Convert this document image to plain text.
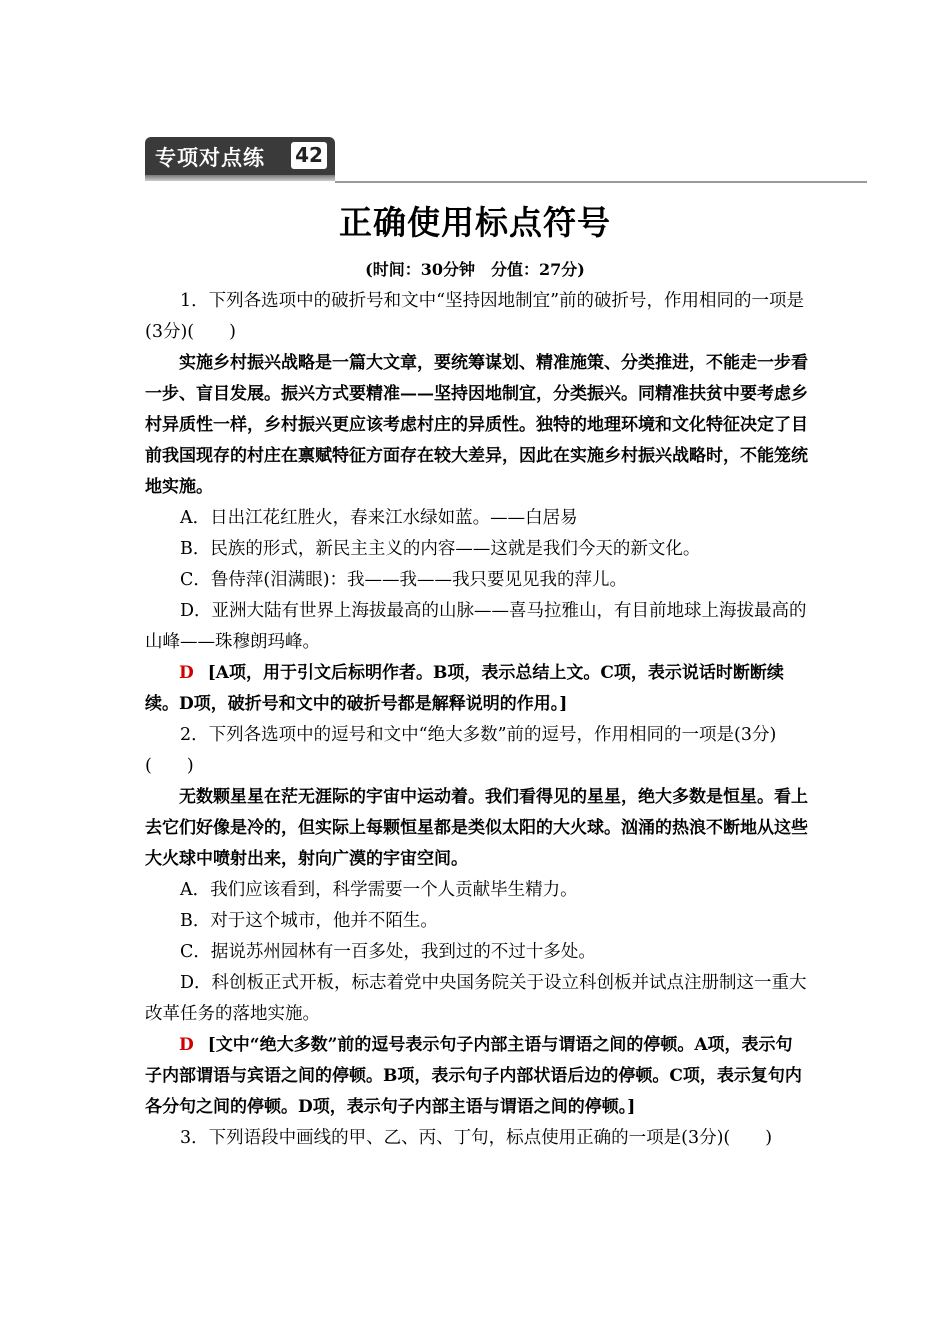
专项对点练 42
正确使用标点符号
(时间：30分钟　分值：27分)

1．下列各选项中的破折号和文中“坚持因地制宜”前的破折号，作用相同的一项是(3分)(　　)

实施乡村振兴战略是一篇大文章，要统筹谋划、精准施策、分类推进，不能走一步看一步、盲目发展。振兴方式要精准——坚持因地制宜，分类振兴。同精准扶贫中要考虑乡村异质性一样，乡村振兴更应该考虑村庄的异质性。独特的地理环境和文化特征决定了目前我国现存的村庄在禀赋特征方面存在较大差异，因此在实施乡村振兴战略时，不能笼统地实施。

A．日出江花红胜火，春来江水绿如蓝。——白居易

B．民族的形式，新民主主义的内容——这就是我们今天的新文化。

C．鲁侍萍(泪满眼)：我——我——我只要见见我的萍儿。

D．亚洲大陆有世界上海拔最高的山脉——喜马拉雅山，有目前地球上海拔最高的山峰——珠穆朗玛峰。

D [A项，用于引文后标明作者。B项，表示总结上文。C项，表示说话时断断续续。D项，破折号和文中的破折号都是解释说明的作用。]

2．下列各选项中的逗号和文中“绝大多数”前的逗号，作用相同的一项是(3分)(　　)

无数颗星星在茫无涯际的宇宙中运动着。我们看得见的星星，绝大多数是恒星。看上去它们好像是冷的，但实际上每颗恒星都是类似太阳的大火球。汹涌的热浪不断地从这些大火球中喷射出来，射向广漠的宇宙空间。

A．我们应该看到，科学需要一个人贡献毕生精力。

B．对于这个城市，他并不陌生。

C．据说苏州园林有一百多处，我到过的不过十多处。

D．科创板正式开板，标志着党中央国务院关于设立科创板并试点注册制这一重大改革任务的落地实施。

D [文中“绝大多数”前的逗号表示句子内部主语与谓语之间的停顿。A项，表示句子内部谓语与宾语之间的停顿。B项，表示句子内部状语后边的停顿。C项，表示复句内各分句之间的停顿。D项，表示句子内部主语与谓语之间的停顿。]

3．下列语段中画线的甲、乙、丙、丁句，标点使用正确的一项是(3分)(　　)
